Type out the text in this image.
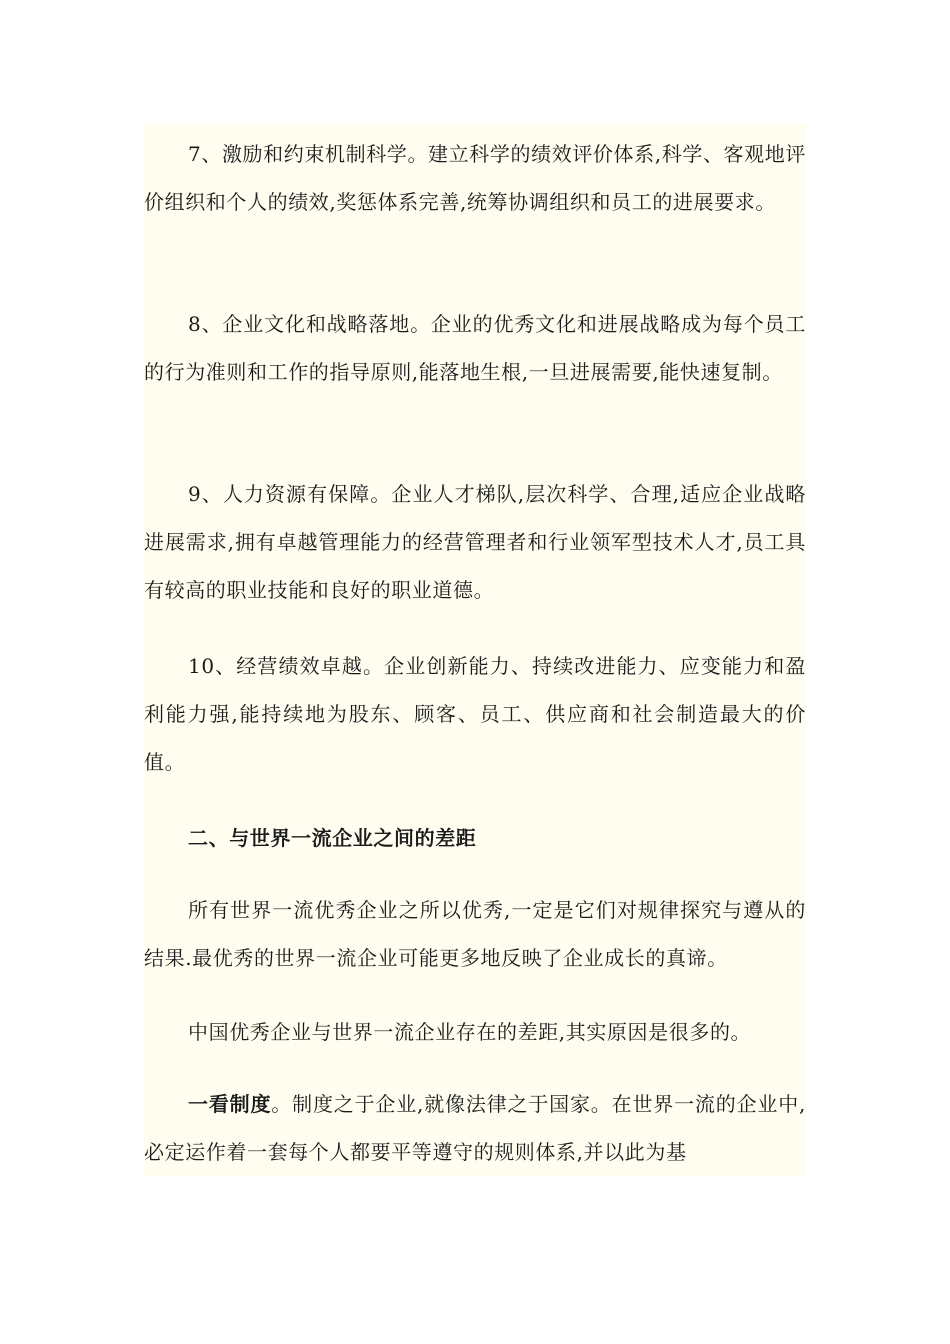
7、激励和约束机制科学。建立科学的绩效评价体系,科学、客观地评价组织和个人的绩效,奖惩体系完善,统筹协调组织和员工的进展要求。

8、企业文化和战略落地。企业的优秀文化和进展战略成为每个员工的行为准则和工作的指导原则,能落地生根,一旦进展需要,能快速复制。

9、人力资源有保障。企业人才梯队,层次科学、合理,适应企业战略进展需求,拥有卓越管理能力的经营管理者和行业领军型技术人才,员工具有较高的职业技能和良好的职业道德。

10、经营绩效卓越。企业创新能力、持续改进能力、应变能力和盈利能力强,能持续地为股东、顾客、员工、供应商和社会制造最大的价值。

二、与世界一流企业之间的差距

所有世界一流优秀企业之所以优秀,一定是它们对规律探究与遵从的结果.最优秀的世界一流企业可能更多地反映了企业成长的真谛。

中国优秀企业与世界一流企业存在的差距,其实原因是很多的。

一看制度。制度之于企业,就像法律之于国家。在世界一流的企业中,必定运作着一套每个人都要平等遵守的规则体系,并以此为基
